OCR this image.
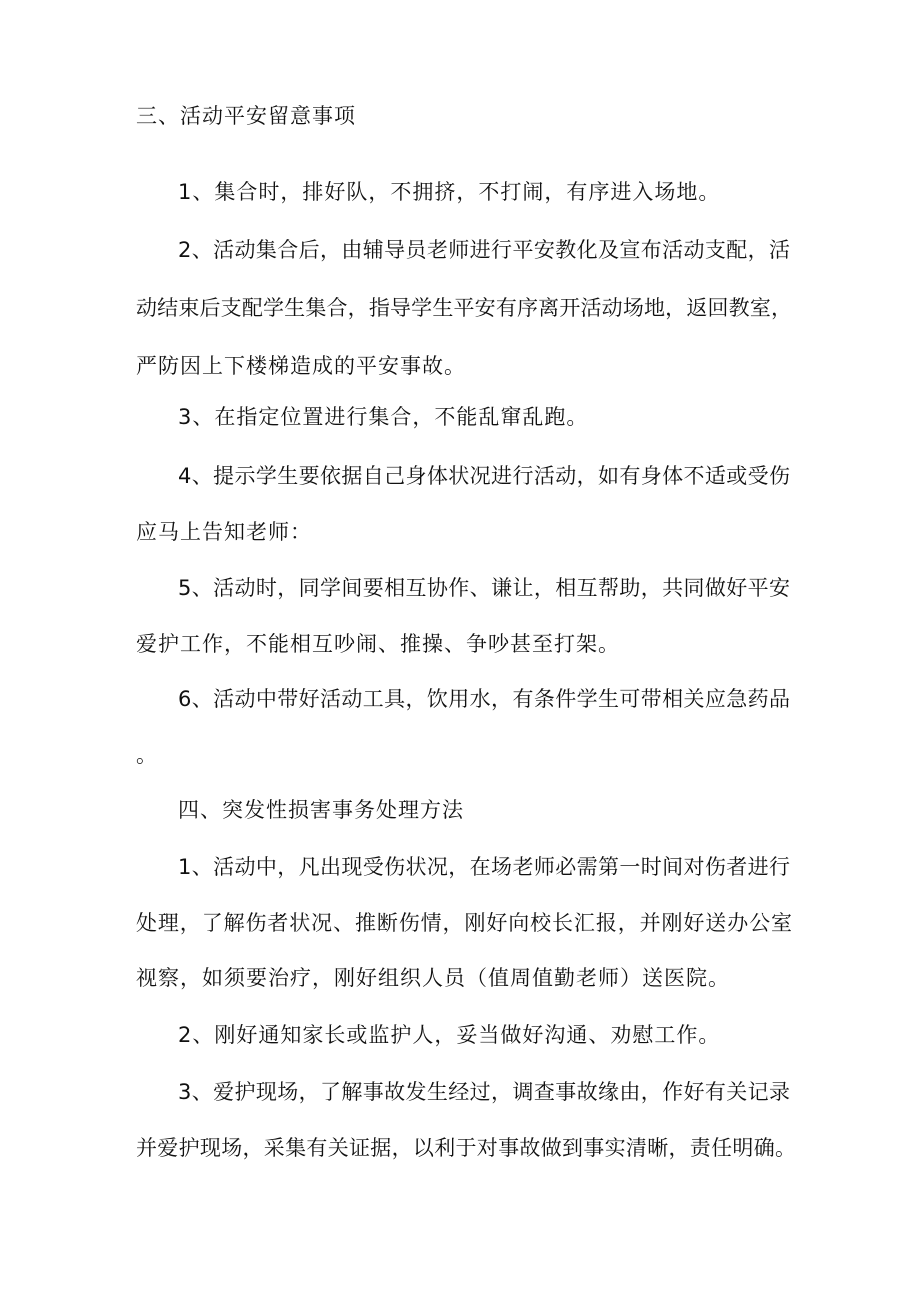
三、活动平安留意事项

1、集合时，排好队，不拥挤，不打闹，有序进入场地。

2、活动集合后，由辅导员老师进行平安教化及宣布活动支配，活

动结束后支配学生集合，指导学生平安有序离开活动场地，返回教室，

严防因上下楼梯造成的平安事故。

3、在指定位置进行集合，不能乱窜乱跑。

4、提示学生要依据自己身体状况进行活动，如有身体不适或受伤

应马上告知老师：

5、活动时，同学间要相互协作、谦让，相互帮助，共同做好平安

爱护工作，不能相互吵闹、推操、争吵甚至打架。

6、活动中带好活动工具，饮用水，有条件学生可带相关应急药品

。

四、突发性损害事务处理方法

1、活动中，凡出现受伤状况，在场老师必需第一时间对伤者进行

处理，了解伤者状况、推断伤情，刚好向校长汇报，并刚好送办公室

视察，如须要治疗，刚好组织人员（值周值勤老师）送医院。

2、刚好通知家长或监护人，妥当做好沟通、劝慰工作。

3、爱护现场，了解事故发生经过，调查事故缘由，作好有关记录

并爱护现场，采集有关证据，以利于对事故做到事实清晰，责任明确。
